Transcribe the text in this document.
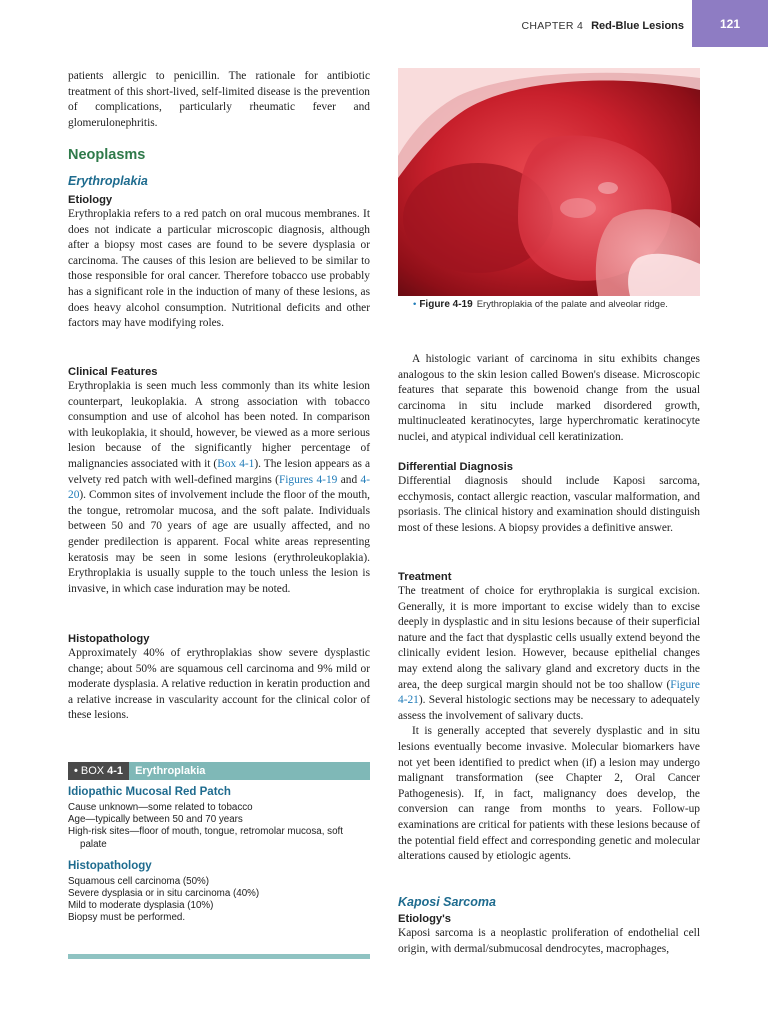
CHAPTER 4 Red-Blue Lesions	121

patients allergic to penicillin. The rationale for antibiotic treatment of this short-lived, self-limited disease is the prevention of complications, particularly rheumatic fever and glomerulonephritis.

Neoplasms
Erythroplakia
Etiology

Erythroplakia refers to a red patch on oral mucous membranes. It does not indicate a particular microscopic diagnosis, although after a biopsy most cases are found to be severe dysplasia or carcinoma. The causes of this lesion are believed to be similar to those responsible for oral cancer. Therefore tobacco use probably has a significant role in the induction of many of these lesions, as does heavy alcohol consumption. Nutritional deficits and other factors may have modifying roles.

Clinical Features

Erythroplakia is seen much less commonly than its white lesion counterpart, leukoplakia. A strong association with tobacco consumption and use of alcohol has been noted. In comparison with leukoplakia, it should, however, be viewed as a more serious lesion because of the significantly higher percentage of malignancies associated with it (Box 4-1). The lesion appears as a velvety red patch with well-defined margins (Figures 4-19 and 4-20). Common sites of involvement include the floor of the mouth, the tongue, retromolar mucosa, and the soft palate. Individuals between 50 and 70 years of age are usually affected, and no gender predilection is apparent. Focal white areas representing keratosis may be seen in some lesions (erythroleukoplakia). Erythroplakia is usually supple to the touch unless the lesion is invasive, in which case induration may be noted.

Histopathology

Approximately 40% of erythroplakias show severe dysplastic change; about 50% are squamous cell carcinoma and 9% mild or moderate dysplasia. A relative reduction in keratin production and a relative increase in vascularity account for the clinical color of these lesions.

• BOX
4-1	Erythroplakia
Idiopathic Mucosal Red Patch
Cause unknown—some related to tobacco
Age—typically between 50 and 70 years
High-risk sites—floor of mouth, tongue, retromolar mucosa, soft
palate
Histopathology
Squamous cell carcinoma (50%)
Severe dysplasia or in situ carcinoma (40%)
Mild to moderate dysplasia (10%)
Biopsy must be performed.
• Figure 4-19 Erythroplakia of the palate and alveolar ridge.

A histologic variant of carcinoma in situ exhibits changes analogous to the skin lesion called Bowen's disease. Microscopic features that separate this bowenoid change from the usual carcinoma in situ include marked disordered growth, multinucleated keratinocytes, large hyperchromatic keratinocyte nuclei, and atypical individual cell keratinization.

Differential Diagnosis

Differential diagnosis should include Kaposi sarcoma, ecchymosis, contact allergic reaction, vascular malformation, and psoriasis. The clinical history and examination should distinguish most of these lesions. A biopsy provides a definitive answer.

Treatment

The treatment of choice for erythroplakia is surgical excision. Generally, it is more important to excise widely than to excise deeply in dysplastic and in situ lesions because of their superficial nature and the fact that dysplastic cells usually extend beyond the clinically evident lesion. However, because epithelial changes may extend along the salivary gland and excretory ducts in the area, the deep surgical margin should not be too shallow (Figure 4-21). Several histologic sections may be necessary to adequately assess the involvement of salivary ducts.

It is generally accepted that severely dysplastic and in situ lesions eventually become invasive. Molecular biomarkers have not yet been identified to predict when (if) a lesion may undergo malignant transformation (see Chapter 2, Oral Cancer Pathogenesis). If, in fact, malignancy does develop, the conversion can range from months to years. Follow-up examinations are critical for patients with these lesions because of the potential field effect and corresponding genetic and molecular alterations caused by etiologic agents.

Kaposi Sarcoma
Etiology's

Kaposi sarcoma is a neoplastic proliferation of endothelial cell origin, with dermal/submucosal dendrocytes, macrophages,
